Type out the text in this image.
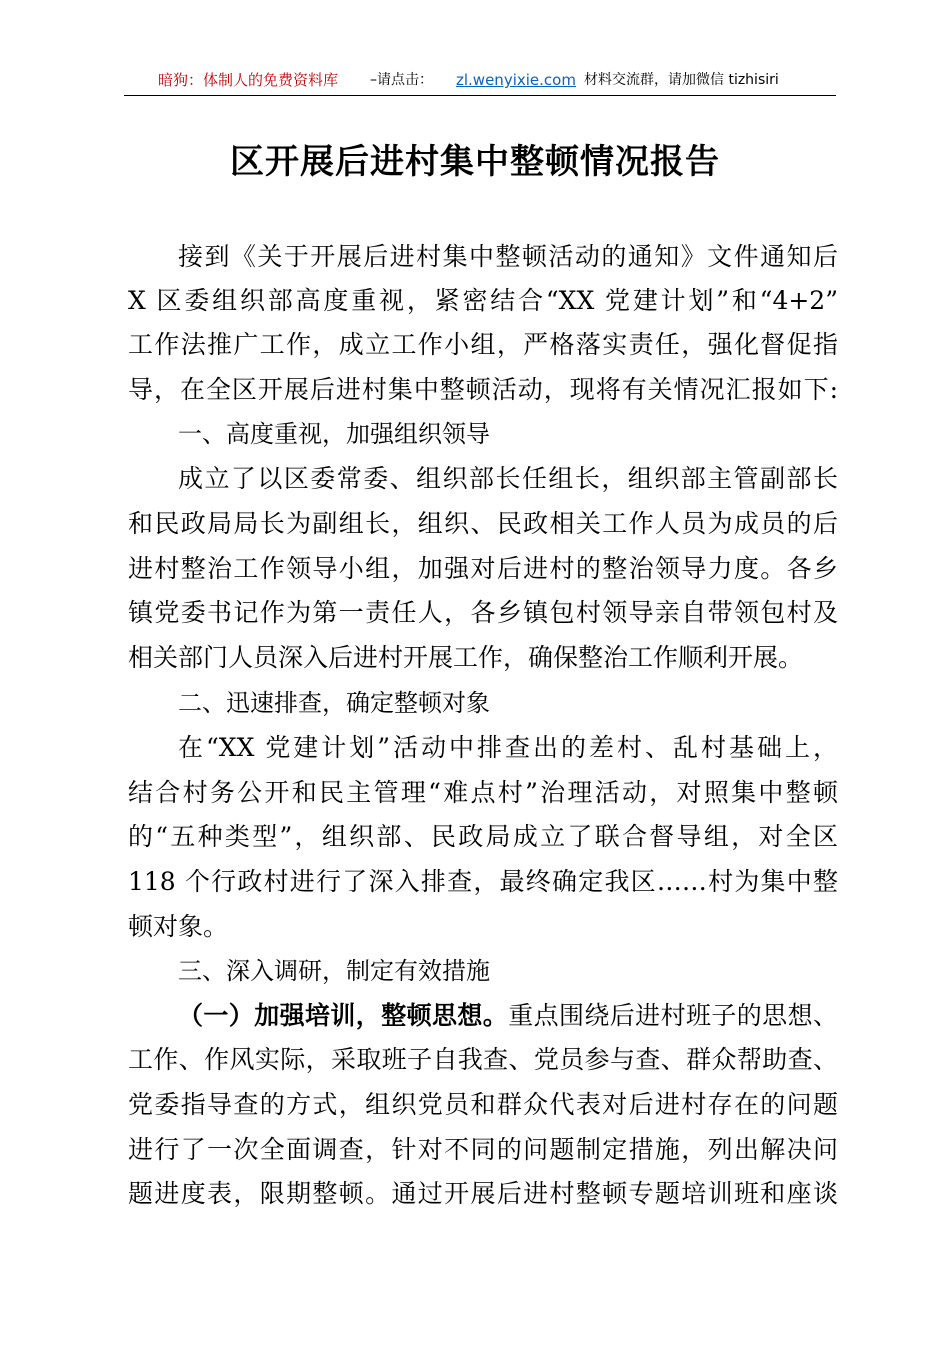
暗狗：体制人的免费资料库 –请点击： zl.wenyixie.com 材料交流群，请加微信 tizhisiri
区开展后进村集中整顿情况报告
接到《关于开展后进村集中整顿活动的通知》文件通知后
X 区委组织部高度重视，紧密结合“XX 党建计划”和“4+2”
工作法推广工作，成立工作小组，严格落实责任，强化督促指
导，在全区开展后进村集中整顿活动，现将有关情况汇报如下:
一、高度重视，加强组织领导
成立了以区委常委、组织部长任组长，组织部主管副部长
和民政局局长为副组长，组织、民政相关工作人员为成员的后
进村整治工作领导小组，加强对后进村的整治领导力度。各乡
镇党委书记作为第一责任人，各乡镇包村领导亲自带领包村及
相关部门人员深入后进村开展工作，确保整治工作顺利开展。
二、迅速排查，确定整顿对象
在“XX 党建计划”活动中排查出的差村、乱村基础上，
结合村务公开和民主管理“难点村”治理活动，对照集中整顿
的“五种类型”，组织部、民政局成立了联合督导组，对全区
118 个行政村进行了深入排查，最终确定我区……村为集中整
顿对象。
三、深入调研，制定有效措施
（一）加强培训，整顿思想。重点围绕后进村班子的思想、
工作、作风实际，采取班子自我查、党员参与查、群众帮助查、
党委指导查的方式，组织党员和群众代表对后进村存在的问题
进行了一次全面调查，针对不同的问题制定措施，列出解决问
题进度表，限期整顿。通过开展后进村整顿专题培训班和座谈
